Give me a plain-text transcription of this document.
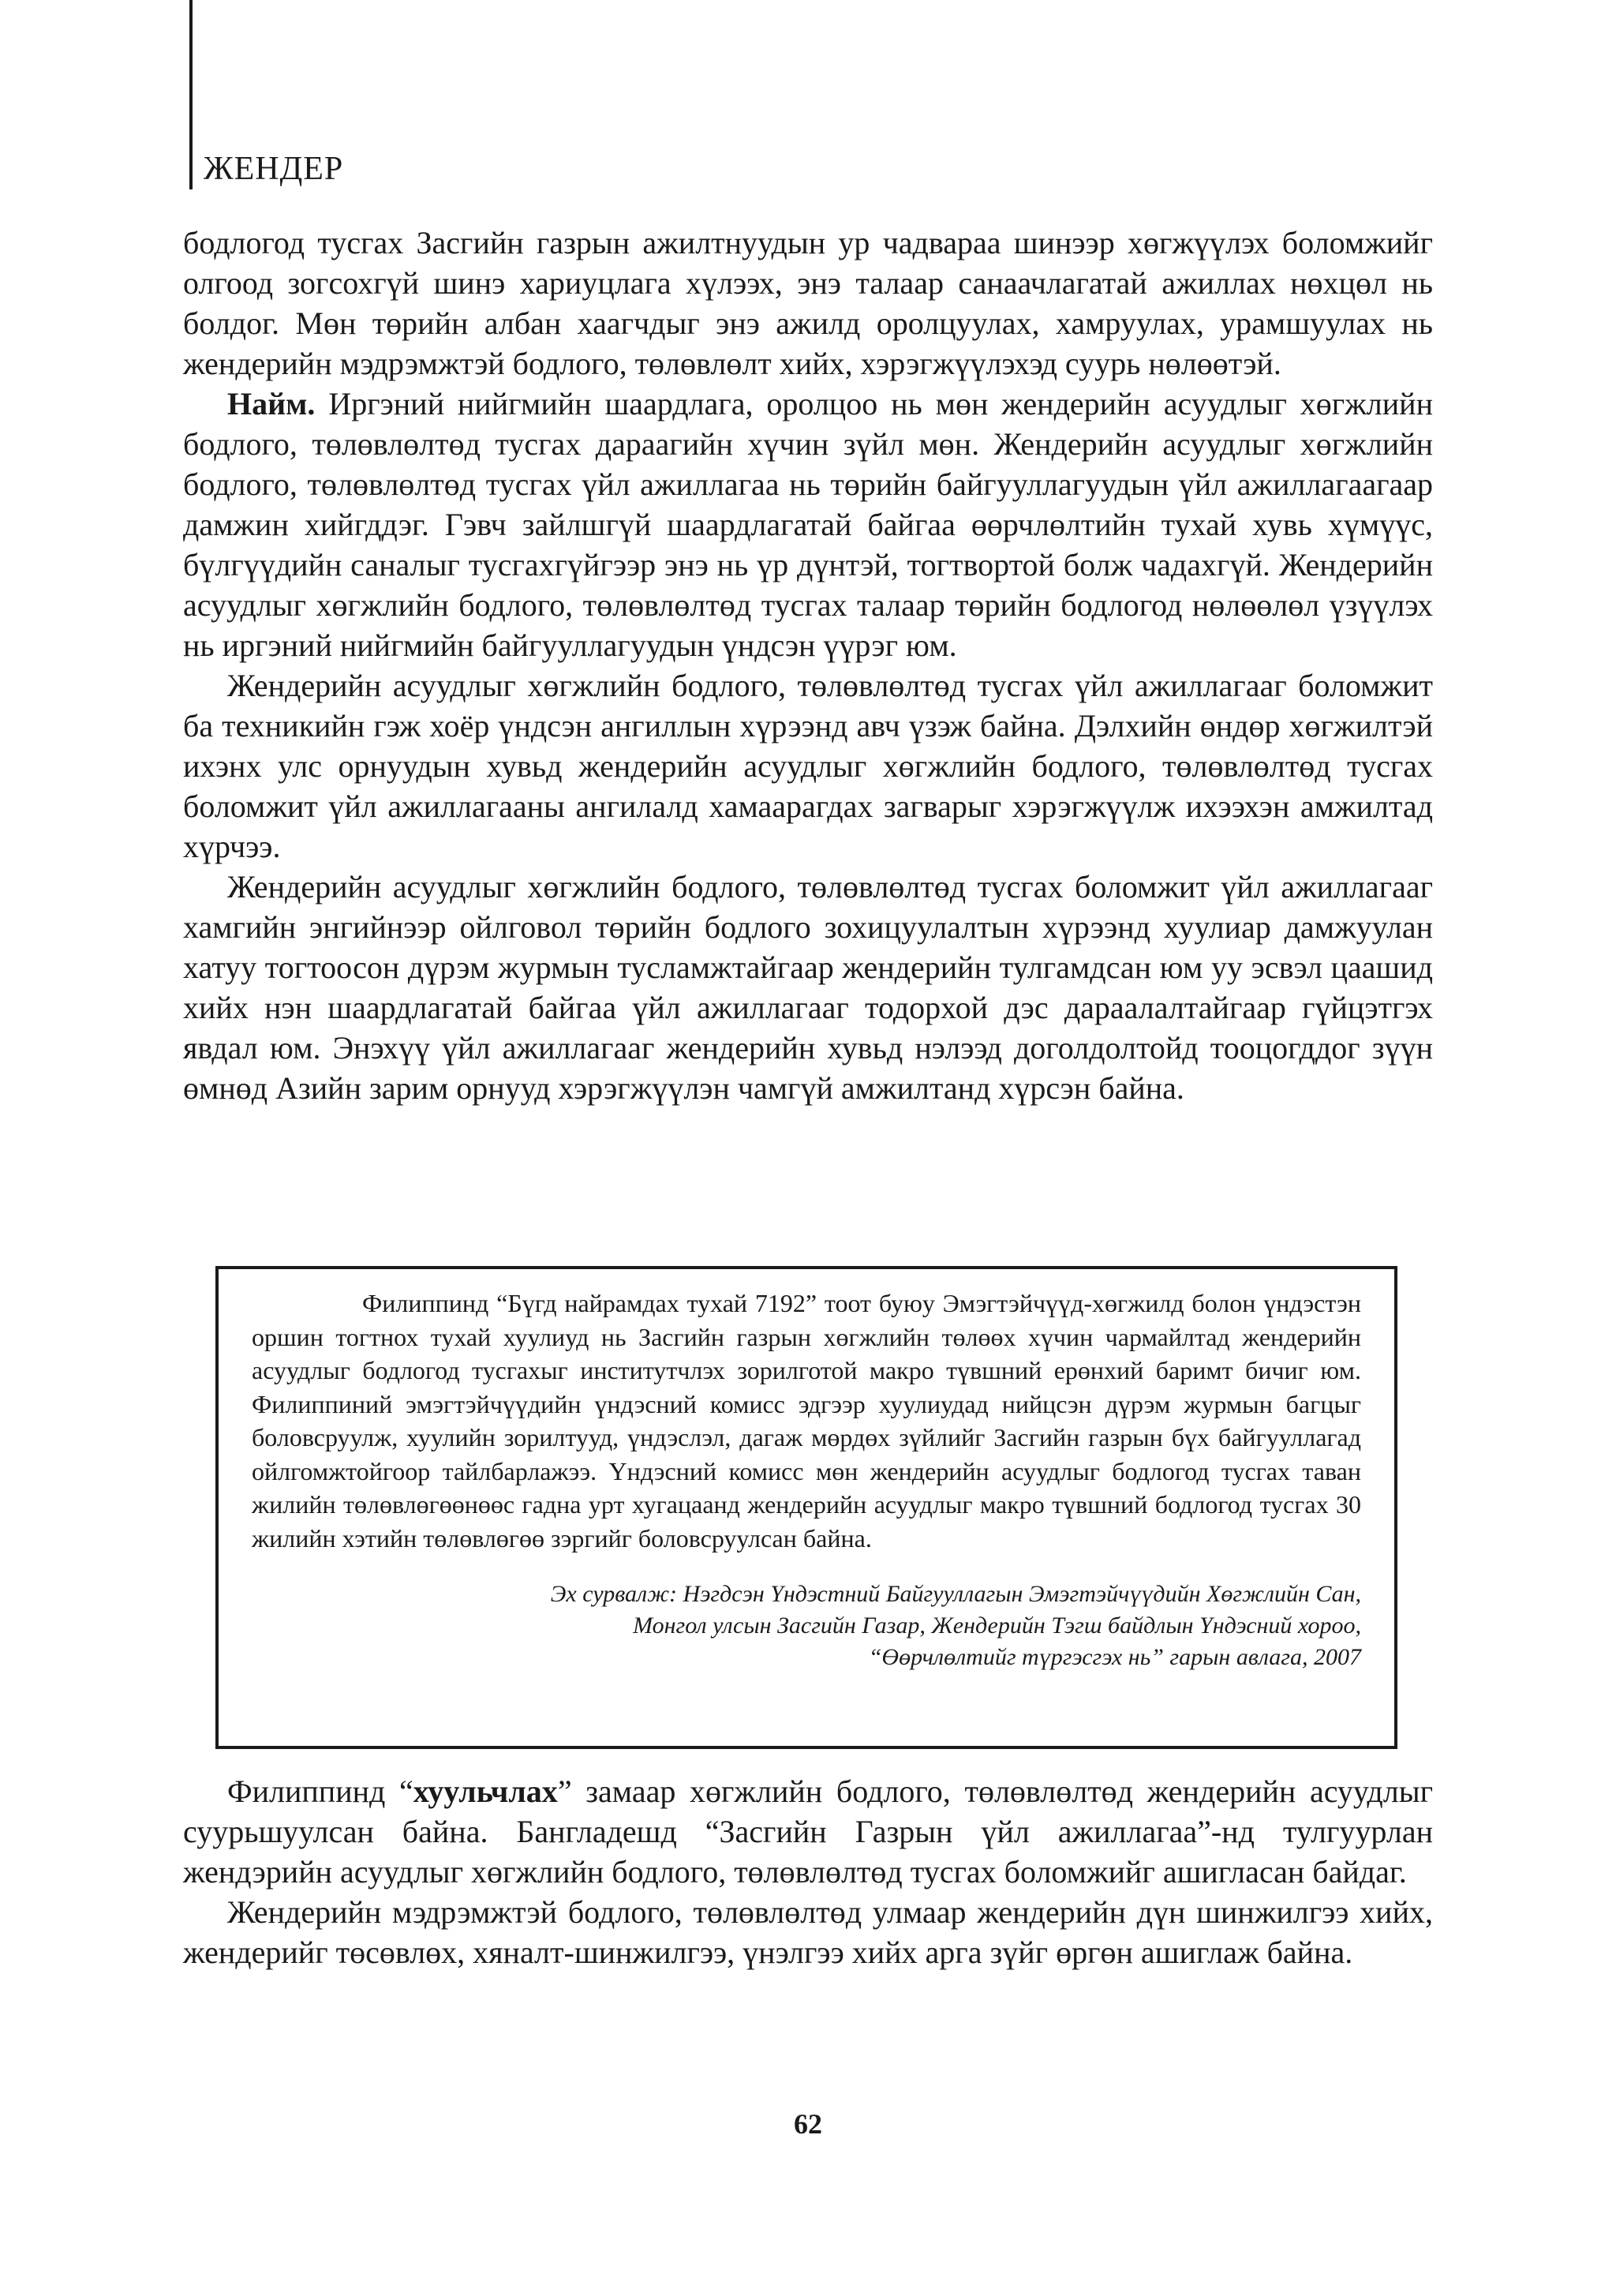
ЖЕНДЕР

бодлогод тусгах Засгийн газрын ажилтнуудын ур чадвараа шинээр хөгжүүлэх боломжийг олгоод зогсохгүй шинэ хариуцлага хүлээх, энэ талаар санаачлагатай ажиллах нөхцөл нь болдог. Мөн төрийн албан хаагчдыг энэ ажилд оролцуулах, хамруулах, урамшуулах нь жендерийн мэдрэмжтэй бодлого, төлөвлөлт хийх, хэрэгжүүлэхэд суурь нөлөөтэй.

Найм. Иргэний нийгмийн шаардлага, оролцоо нь мөн жендерийн асуудлыг хөгжлийн бодлого, төлөвлөлтөд тусгах дараагийн хүчин зүйл мөн. Жендерийн асуудлыг хөгжлийн бодлого, төлөвлөлтөд тусгах үйл ажиллагаа нь төрийн байгууллагуудын үйл ажиллагаагаар дамжин хийгддэг. Гэвч зайлшгүй шаардлагатай байгаа өөрчлөлтийн тухай хувь хүмүүс, бүлгүүдийн саналыг тусгахгүйгээр энэ нь үр дүнтэй, тогтвортой болж чадахгүй. Жендерийн асуудлыг хөгжлийн бодлого, төлөвлөлтөд тусгах талаар төрийн бодлогод нөлөөлөл үзүүлэх нь иргэний нийгмийн байгууллагуудын үндсэн үүрэг юм.

Жендерийн асуудлыг хөгжлийн бодлого, төлөвлөлтөд тусгах үйл ажиллагааг боломжит ба техникийн гэж хоёр үндсэн ангиллын хүрээнд авч үзэж байна. Дэлхийн өндөр хөгжилтэй ихэнх улс орнуудын хувьд жендерийн асуудлыг хөгжлийн бодлого, төлөвлөлтөд тусгах боломжит үйл ажиллагааны ангилалд хамаарагдах загварыг хэрэгжүүлж ихээхэн амжилтад хүрчээ.

Жендерийн асуудлыг хөгжлийн бодлого, төлөвлөлтөд тусгах боломжит үйл ажиллагааг хамгийн энгийнээр ойлговол төрийн бодлого зохицуулалтын хүрээнд хуулиар дамжуулан хатуу тогтоосон дүрэм журмын тусламжтайгаар жендерийн тулгамдсан юм уу эсвэл цаашид хийх нэн шаардлагатай байгаа үйл ажиллагааг тодорхой дэс дараалалтайгаар гүйцэтгэх явдал юм. Энэхүү үйл ажиллагааг жендерийн хувьд нэлээд доголдолтойд тооцогддог зүүн өмнөд Азийн зарим орнууд хэрэгжүүлэн чамгүй амжилтанд хүрсэн байна.

Филиппинд “Бүгд найрамдах тухай 7192” тоот буюу Эмэгтэйчүүд-хөгжилд болон үндэстэн оршин тогтнох тухай хуулиуд нь Засгийн газрын хөгжлийн төлөөх хүчин чармайлтад жендерийн асуудлыг бодлогод тусгахыг институтчлэх зорилготой макро түвшний ерөнхий баримт бичиг юм. Филиппиний эмэгтэйчүүдийн үндэсний комисс эдгээр хуулиудад нийцсэн дүрэм журмын багцыг боловсруулж, хуулийн зорилтууд, үндэслэл, дагаж мөрдөх зүйлийг Засгийн газрын бүх байгууллагад ойлгомжтойгоор тайлбарлажээ. Үндэсний комисс мөн жендерийн асуудлыг бодлогод тусгах таван жилийн төлөвлөгөөнөөс гадна урт хугацаанд жендерийн асуудлыг макро түвшний бодлогод тусгах 30 жилийн хэтийн төлөвлөгөө зэргийг боловсруулсан байна.

Эх сурвалж: Нэгдсэн Үндэстний Байгууллагын Эмэгтэйчүүдийн Хөгжлийн Сан,
Монгол улсын Засгийн Газар, Жендерийн Тэгш байдлын Үндэсний хороо,
“Өөрчлөлтийг түргэсгэх нь” гарын авлага, 2007

Филиппинд “хуульчлах” замаар хөгжлийн бодлого, төлөвлөлтөд жендерийн асуудлыг суурьшуулсан байна. Бангладешд “Засгийн Газрын үйл ажиллагаа”-нд тулгуурлан жендэрийн асуудлыг хөгжлийн бодлого, төлөвлөлтөд тусгах боломжийг ашигласан байдаг.

Жендерийн мэдрэмжтэй бодлого, төлөвлөлтөд улмаар жендерийн дүн шинжилгээ хийх, жендерийг төсөвлөх, хяналт-шинжилгээ, үнэлгээ хийх арга зүйг өргөн ашиглаж байна.

62
